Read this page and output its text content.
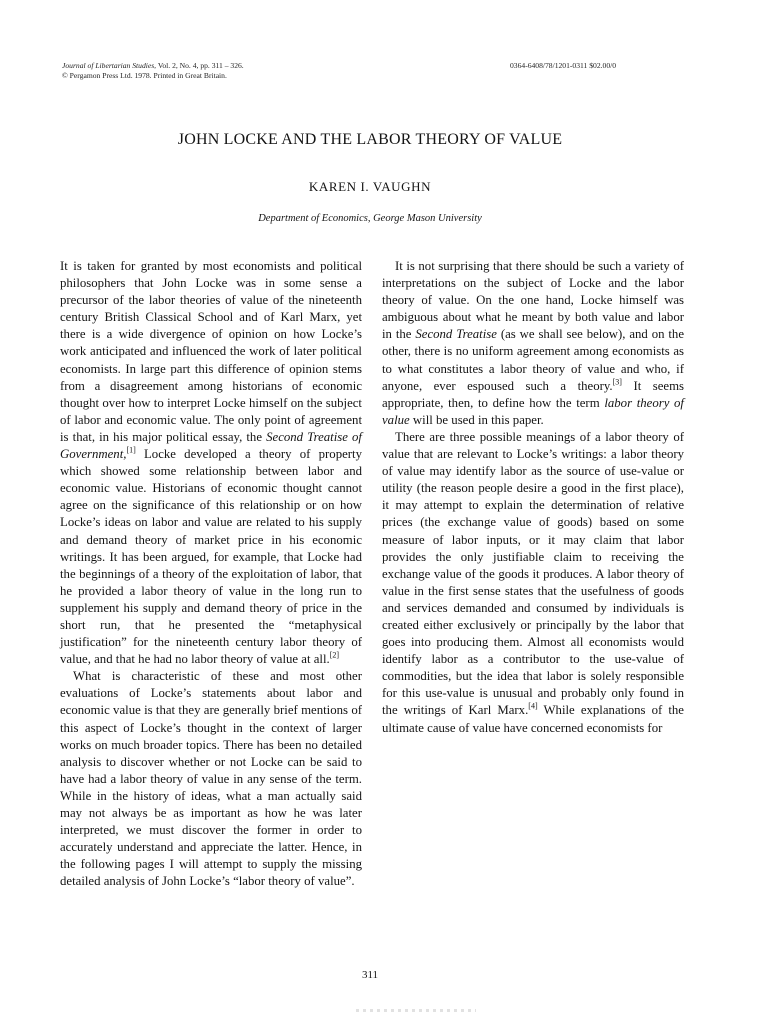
Journal of Libertarian Studies, Vol. 2, No. 4, pp. 311 – 326.
© Pergamon Press Ltd. 1978. Printed in Great Britain.
0364-6408/78/1201-0311 $02.00/0
JOHN LOCKE AND THE LABOR THEORY OF VALUE
KAREN I. VAUGHN
Department of Economics, George Mason University

It is taken for granted by most economists and political philosophers that John Locke was in some sense a precursor of the labor theories of value of the nineteenth century British Classical School and of Karl Marx, yet there is a wide divergence of opinion on how Locke’s work anticipated and influenced the work of later political economists. In large part this difference of opinion stems from a disagreement among historians of economic thought over how to interpret Locke himself on the subject of labor and economic value. The only point of agreement is that, in his major political essay, the Second Treatise of Government,[1] Locke developed a theory of property which showed some relationship between labor and economic value. Historians of economic thought cannot agree on the significance of this relationship or on how Locke’s ideas on labor and value are related to his supply and demand theory of market price in his economic writings. It has been argued, for example, that Locke had the beginnings of a theory of the exploitation of labor, that he provided a labor theory of value in the long run to supplement his supply and demand theory of price in the short run, that he presented the “metaphysical justification” for the nineteenth century labor theory of value, and that he had no labor theory of value at all.[2]

What is characteristic of these and most other evaluations of Locke’s statements about labor and economic value is that they are generally brief mentions of this aspect of Locke’s thought in the context of larger works on much broader topics. There has been no detailed analysis to discover whether or not Locke can be said to have had a labor theory of value in any sense of the term. While in the history of ideas, what a man actually said may not always be as important as how he was later interpreted, we must discover the former in order to accurately understand and appreciate the latter. Hence, in the following pages I will attempt to supply the missing detailed analysis of John Locke’s “labor theory of value”.

It is not surprising that there should be such a variety of interpretations on the subject of Locke and the labor theory of value. On the one hand, Locke himself was ambiguous about what he meant by both value and labor in the Second Treatise (as we shall see below), and on the other, there is no uniform agreement among economists as to what constitutes a labor theory of value and who, if anyone, ever espoused such a theory.[3] It seems appropriate, then, to define how the term labor theory of value will be used in this paper.

There are three possible meanings of a labor theory of value that are relevant to Locke’s writings: a labor theory of value may identify labor as the source of use-value or utility (the reason people desire a good in the first place), it may attempt to explain the determination of relative prices (the exchange value of goods) based on some measure of labor inputs, or it may claim that labor provides the only justifiable claim to receiving the exchange value of the goods it produces. A labor theory of value in the first sense states that the usefulness of goods and services demanded and consumed by individuals is created either exclusively or principally by the labor that goes into producing them. Almost all economists would identify labor as a contributor to the use-value of commodities, but the idea that labor is solely responsible for this use-value is unusual and probably only found in the writings of Karl Marx.[4] While explanations of the ultimate cause of value have concerned economists for

311
